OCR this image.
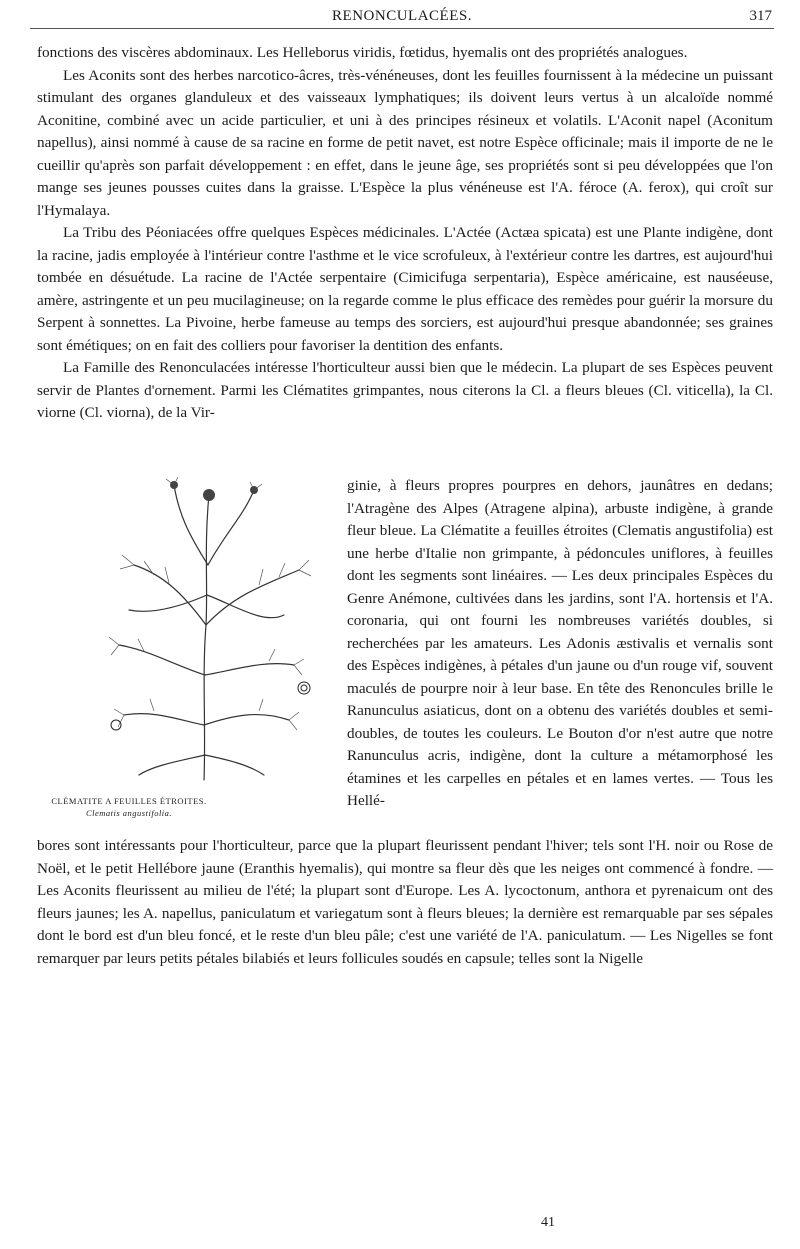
RENONCULACÉES.	317

fonctions des viscères abdominaux. Les Helleborus viridis, fœtidus, hyemalis ont des propriétés analogues.

Les Aconits sont des herbes narcotico-âcres, très-vénéneuses, dont les feuilles fournissent à la médecine un puissant stimulant des organes glanduleux et des vaisseaux lymphatiques; ils doivent leurs vertus à un alcaloïde nommé Aconitine, combiné avec un acide particulier, et uni à des principes résineux et volatils. L'Aconit napel (Aconitum napellus), ainsi nommé à cause de sa racine en forme de petit navet, est notre Espèce officinale; mais il importe de ne le cueillir qu'après son parfait développement : en effet, dans le jeune âge, ses propriétés sont si peu développées que l'on mange ses jeunes pousses cuites dans la graisse. L'Espèce la plus vénéneuse est l'A. féroce (A. ferox), qui croît sur l'Hymalaya.

La Tribu des Péoniacées offre quelques Espèces médicinales. L'Actée (Actæa spicata) est une Plante indigène, dont la racine, jadis employée à l'intérieur contre l'asthme et le vice scrofuleux, à l'extérieur contre les dartres, est aujourd'hui tombée en désuétude. La racine de l'Actée serpentaire (Cimicifuga serpentaria), Espèce américaine, est nauséeuse, amère, astringente et un peu mucilagineuse; on la regarde comme le plus efficace des remèdes pour guérir la morsure du Serpent à sonnettes. La Pivoine, herbe fameuse au temps des sorciers, est aujourd'hui presque abandonnée; ses graines sont émétiques; on en fait des colliers pour favoriser la dentition des enfants.

La Famille des Renonculacées intéresse l'horticulteur aussi bien que le médecin. La plupart de ses Espèces peuvent servir de Plantes d'ornement. Parmi les Clématites grimpantes, nous citerons la Cl. a fleurs bleues (Cl. viticella), la Cl. viorne (Cl. viorna), de la Vir-

CLÉMATITE A FEUILLES ÉTROITES.
Clematis angustifolia.

ginie, à fleurs propres pourpres en dehors, jaunâtres en dedans; l'Atragène des Alpes (Atragene alpina), arbuste indigène, à grande fleur bleue. La Clématite a feuilles étroites (Clematis angustifolia) est une herbe d'Italie non grimpante, à pédoncules uniflores, à feuilles dont les segments sont linéaires. — Les deux principales Espèces du Genre Anémone, cultivées dans les jardins, sont l'A. hortensis et l'A. coronaria, qui ont fourni les nombreuses variétés doubles, si recherchées par les amateurs. Les Adonis æstivalis et vernalis sont des Espèces indigènes, à pétales d'un jaune ou d'un rouge vif, souvent maculés de pourpre noir à leur base. En tête des Renoncules brille le Ranunculus asiaticus, dont on a obtenu des variétés doubles et semi-doubles, de toutes les couleurs. Le Bouton d'or n'est autre que notre Ranunculus acris, indigène, dont la culture a métamorphosé les étamines et les carpelles en pétales et en lames vertes. — Tous les Hellé-

bores sont intéressants pour l'horticulteur, parce que la plupart fleurissent pendant l'hiver; tels sont l'H. noir ou Rose de Noël, et le petit Hellébore jaune (Eranthis hyemalis), qui montre sa fleur dès que les neiges ont commencé à fondre. — Les Aconits fleurissent au milieu de l'été; la plupart sont d'Europe. Les A. lycoctonum, anthora et pyrenaicum ont des fleurs jaunes; les A. napellus, paniculatum et variegatum sont à fleurs bleues; la dernière est remarquable par ses sépales dont le bord est d'un bleu foncé, et le reste d'un bleu pâle; c'est une variété de l'A. paniculatum. — Les Nigelles se font remarquer par leurs petits pétales bilabiés et leurs follicules soudés en capsule; telles sont la Nigelle

41
